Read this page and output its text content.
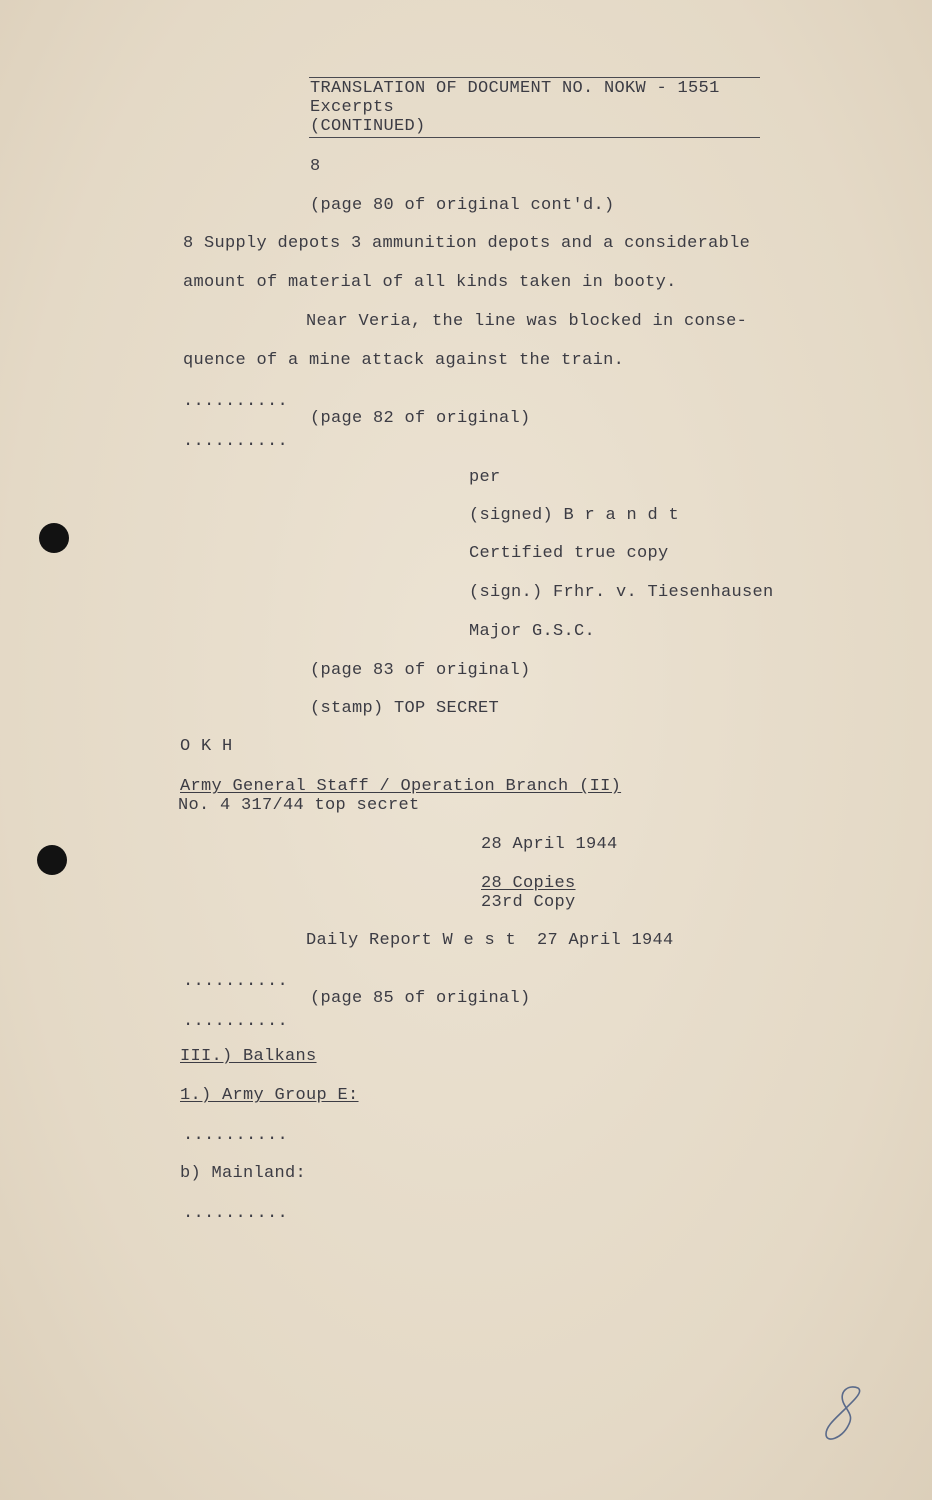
TRANSLATION OF DOCUMENT NO. NOKW - 1551
Excerpts
(CONTINUED)
8
(page 80 of original cont'd.)
8 Supply depots 3 ammunition depots and a considerable
amount of material of all kinds taken in booty.
Near Veria, the line was blocked in conse-
quence of a mine attack against the train.
..........
(page 82 of original)
..........
per
(signed) B r a n d t
Certified true copy
(sign.) Frhr. v. Tiesenhausen
Major G.S.C.
(page 83 of original)
(stamp) TOP SECRET
O K H
Army General Staff / Operation Branch (II)
No. 4 317/44 top secret
28 April 1944
28 Copies
23rd Copy
Daily Report W e s t  27 April 1944
..........
(page 85 of original)
..........
III.) Balkans
1.) Army Group E:
..........
b) Mainland:
..........
